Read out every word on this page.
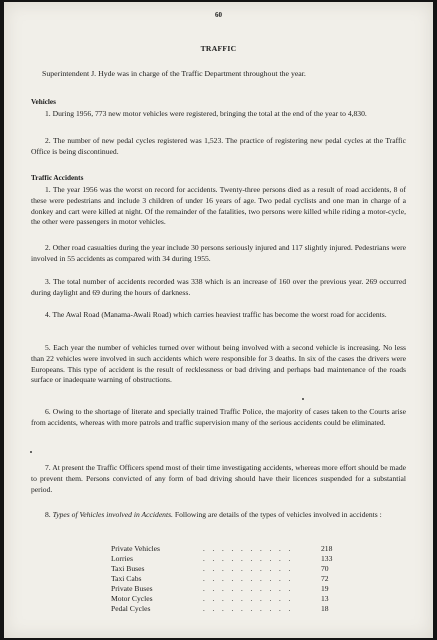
60
TRAFFIC
Superintendent J. Hyde was in charge of the Traffic Department throughout the year.
Vehicles
1. During 1956, 773 new motor vehicles were registered, bringing the total at the end of the year to 4,830.
2. The number of new pedal cycles registered was 1,523. The practice of registering new pedal cycles at the Traffic Office is being discontinued.
Traffic Accidents
1. The year 1956 was the worst on record for accidents. Twenty-three persons died as a result of road accidents, 8 of these were pedestrians and include 3 children of under 16 years of age. Two pedal cyclists and one man in charge of a donkey and cart were killed at night. Of the remainder of the fatalities, two persons were killed while riding a motor-cycle, the other were passengers in motor vehicles.
2. Other road casualties during the year include 30 persons seriously injured and 117 slightly injured. Pedestrians were involved in 55 accidents as compared with 34 during 1955.
3. The total number of accidents recorded was 338 which is an increase of 160 over the previous year. 269 occurred during daylight and 69 during the hours of darkness.
4. The Awal Road (Manama-Awali Road) which carries heaviest traffic has become the worst road for accidents.
5. Each year the number of vehicles turned over without being involved with a second vehicle is increasing. No less than 22 vehicles were involved in such accidents which were responsible for 3 deaths. In six of the cases the drivers were Europeans. This type of accident is the result of recklessness or bad driving and perhaps bad maintenance of the roads surface or inadequate warning of obstructions.
6. Owing to the shortage of literate and specially trained Traffic Police, the majority of cases taken to the Courts arise from accidents, whereas with more patrols and traffic supervision many of the serious accidents could be eliminated.
7. At present the Traffic Officers spend most of their time investigating accidents, whereas more effort should be made to prevent them. Persons convicted of any form of bad driving should have their licences suspended for a substantial period.
8. Types of Vehicles involved in Accidents. Following are details of the types of vehicles involved in accidents :
Private Vehicles	. . . . . . . . . .	218
Lorries	. . . . . . . . . .	133
Taxi Buses	. . . . . . . . . .	70
Taxi Cabs	. . . . . . . . . .	72
Private Buses	. . . . . . . . . .	19
Motor Cycles	. . . . . . . . . .	13
Pedal Cycles	. . . . . . . . . .	18
